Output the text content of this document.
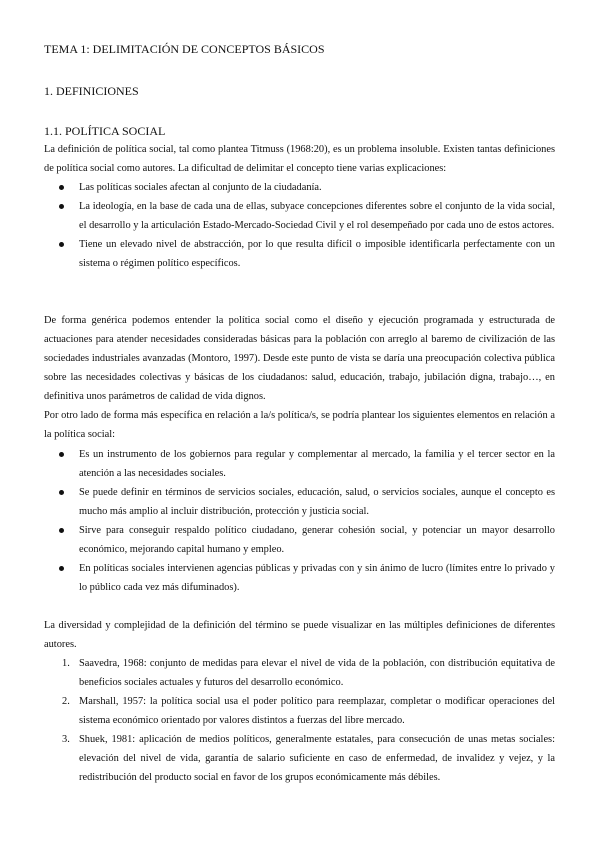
TEMA 1: DELIMITACIÓN DE CONCEPTOS BÁSICOS
1. DEFINICIONES
1.1. POLÍTICA SOCIAL

La definición de política social, tal como plantea Titmuss (1968:20), es un problema insoluble. Existen tantas definiciones de política social como autores. La dificultad de delimitar el concepto tiene varias explicaciones:

Las políticas sociales afectan al conjunto de la ciudadanía.
La ideología, en la base de cada una de ellas, subyace concepciones diferentes sobre el conjunto de la vida social, el desarrollo y la articulación Estado-Mercado-Sociedad Civil y el rol desempeñado por cada uno de estos actores.
Tiene un elevado nivel de abstracción, por lo que resulta difícil o imposible identificarla perfectamente con un sistema o régimen político específicos.

De forma genérica podemos entender la política social como el diseño y ejecución programada y estructurada de actuaciones para atender necesidades consideradas básicas para la población con arreglo al baremo de civilización de las sociedades industriales avanzadas (Montoro, 1997). Desde este punto de vista se daría una preocupación colectiva pública sobre las necesidades colectivas y básicas de los ciudadanos: salud, educación, trabajo, jubilación digna, trabajo…, en definitiva unos parámetros de calidad de vida dignos.

Por otro lado de forma más específica en relación a la/s política/s, se podría plantear los siguientes elementos en relación a la política social:

Es un instrumento de los gobiernos para regular y complementar al mercado, la familia y el tercer sector en la atención a las necesidades sociales.
Se puede definir en términos de servicios sociales, educación, salud, o servicios sociales, aunque el concepto es mucho más amplio al incluir distribución, protección y justicia social.
Sirve para conseguir respaldo político ciudadano, generar cohesión social, y potenciar un mayor desarrollo económico, mejorando capital humano y empleo.
En políticas sociales intervienen agencias públicas y privadas con y sin ánimo de lucro (límites entre lo privado y lo público cada vez más difuminados).

La diversidad y complejidad de la definición del término se puede visualizar en las múltiples definiciones de diferentes autores.

1. Saavedra, 1968: conjunto de medidas para elevar el nivel de vida de la población, con distribución equitativa de beneficios sociales actuales y futuros del desarrollo económico.
2. Marshall, 1957: la política social usa el poder político para reemplazar, completar o modificar operaciones del sistema económico orientado por valores distintos a fuerzas del libre mercado.
3. Shuek, 1981: aplicación de medios políticos, generalmente estatales, para consecución de unas metas sociales: elevación del nivel de vida, garantía de salario suficiente en caso de enfermedad, de invalidez y vejez, y la redistribución del producto social en favor de los grupos económicamente más débiles.
